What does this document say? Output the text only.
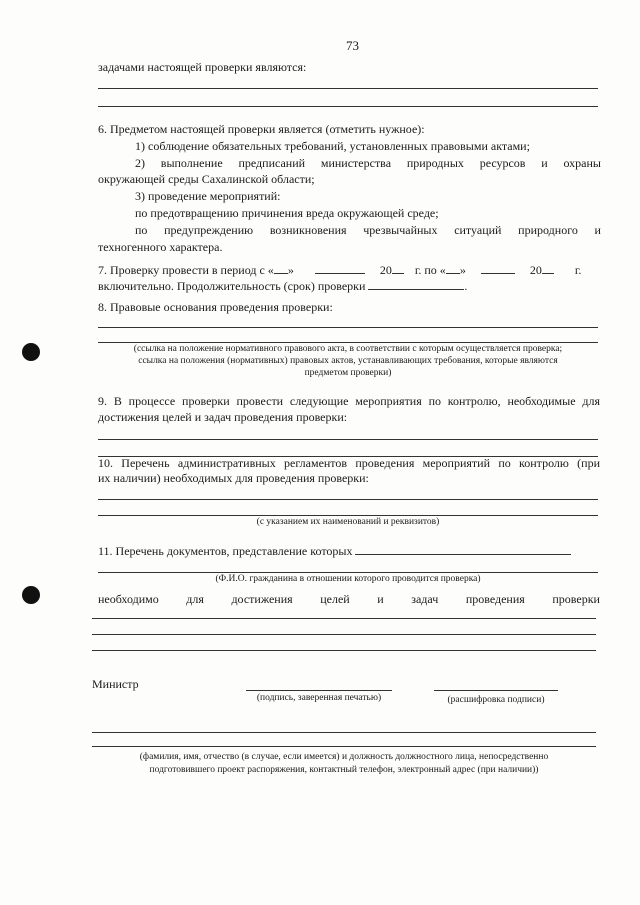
73
задачами настоящей проверки являются:
6. Предметом настоящей проверки является (отметить нужное):
1) соблюдение обязательных требований, установленных правовыми актами;
2) выполнение предписаний министерства природных ресурсов и охраны
окружающей среды Сахалинской области;
3) проведение мероприятий:
по предотвращению причинения вреда окружающей среде;
по предупреждению возникновения чрезвычайных ситуаций природного и
техногенного характера.
7. Проверку провести в период с « »	20 г. по « »	20	г.
включительно. Продолжительность (срок) проверки	.
8. Правовые основания проведения проверки:
(ссылка на положение нормативного правового акта, в соответствии с которым осуществляется проверка;
ссылка на положения (нормативных) правовых актов, устанавливающих требования, которые являются
предметом проверки)
9. В процессе проверки провести следующие мероприятия по контролю, необходимые для
достижения целей и задач проведения проверки:
10. Перечень административных регламентов проведения мероприятий по контролю (при
их наличии) необходимых для проведения проверки:
(с указанием их наименований и реквизитов)
11. Перечень документов, представление которых
(Ф.И.О. гражданина в отношении которого проводится проверка)
необходимо для достижения целей и задач проведения проверки
Министр
(подпись, заверенная печатью)	(расшифровка подписи)
(фамилия, имя, отчество (в случае, если имеется) и должность должностного лица, непосредственно
подготовившего проект распоряжения, контактный телефон, электронный адрес (при наличии))
